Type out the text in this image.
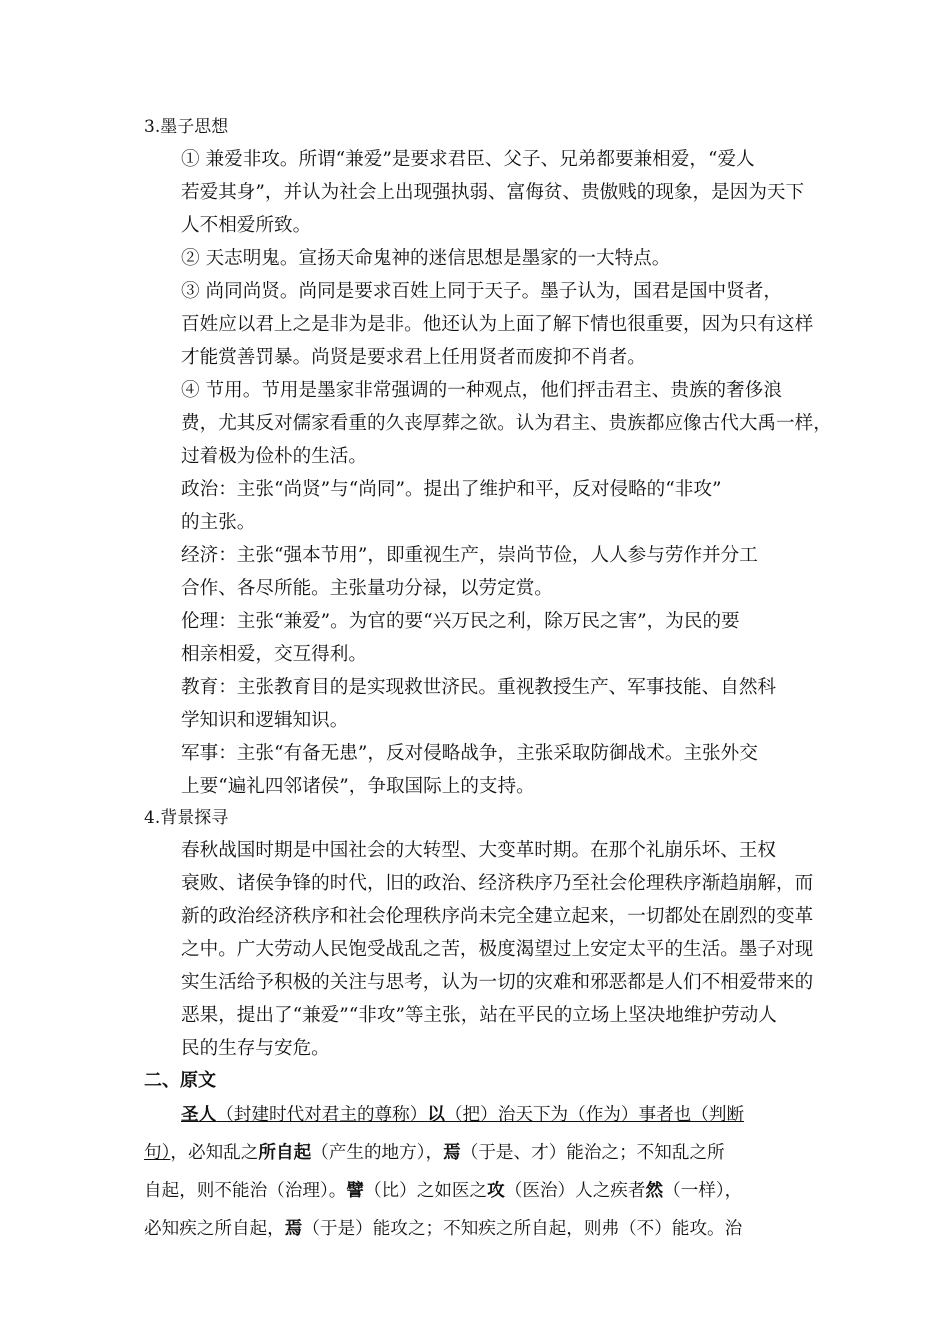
3.墨子思想

① 兼爱非攻。所谓“兼爱”是要求君臣、父子、兄弟都要兼相爱，“爱人
若爱其身”，并认为社会上出现强执弱、富侮贫、贵傲贱的现象，是因为天下
人不相爱所致。

② 天志明鬼。宣扬天命鬼神的迷信思想是墨家的一大特点。

③ 尚同尚贤。尚同是要求百姓上同于天子。墨子认为，国君是国中贤者，
百姓应以君上之是非为是非。他还认为上面了解下情也很重要，因为只有这样
才能赏善罚暴。尚贤是要求君上任用贤者而废抑不肖者。

④ 节用。节用是墨家非常强调的一种观点，他们抨击君主、贵族的奢侈浪
费，尤其反对儒家看重的久丧厚葬之欲。认为君主、贵族都应像古代大禹一样，
过着极为俭朴的生活。

政治：主张“尚贤”与“尚同”。提出了维护和平，反对侵略的“非攻”
的主张。

经济：主张“强本节用”，即重视生产，崇尚节俭，人人参与劳作并分工
合作、各尽所能。主张量功分禄，以劳定赏。

伦理：主张“兼爱”。为官的要“兴万民之利，除万民之害”，为民的要
相亲相爱，交互得利。

教育：主张教育目的是实现救世济民。重视教授生产、军事技能、自然科
学知识和逻辑知识。

军事：主张“有备无患”，反对侵略战争，主张采取防御战术。主张外交
上要“遍礼四邻诸侯”，争取国际上的支持。

4.背景探寻

春秋战国时期是中国社会的大转型、大变革时期。在那个礼崩乐坏、王权
衰败、诸侯争锋的时代，旧的政治、经济秩序乃至社会伦理秩序渐趋崩解，而
新的政治经济秩序和社会伦理秩序尚未完全建立起来，一切都处在剧烈的变革
之中。广大劳动人民饱受战乱之苦，极度渴望过上安定太平的生活。墨子对现
实生活给予积极的关注与思考，认为一切的灾难和邪恶都是人们不相爱带来的
恶果，提出了“兼爱”“非攻”等主张，站在平民的立场上坚决地维护劳动人
民的生存与安危。

二、原文

圣人（封建时代对君主的尊称）以（把）治天下为（作为）事者也（判断
句），必知乱之所自起（产生的地方），焉（于是、才）能治之；不知乱之所
自起，则不能治（治理）。譬（比）之如医之攻（医治）人之疾者然（一样），
必知疾之所自起，焉（于是）能攻之；不知疾之所自起，则弗（不）能攻。治
